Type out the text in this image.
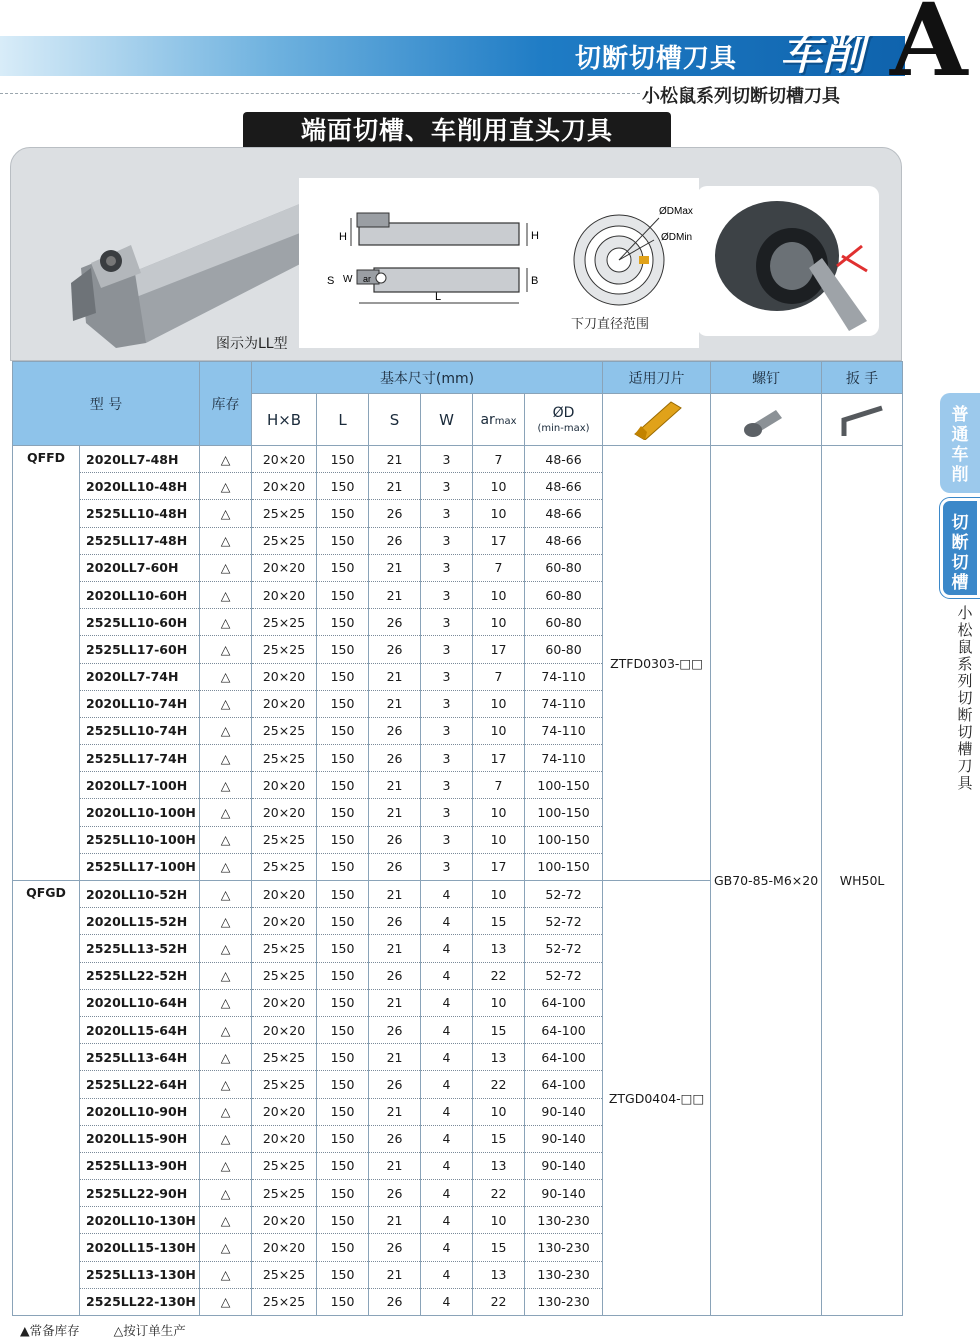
切断切槽刀具 车削 A
小松鼠系列切断切槽刀具
端面切槽、车削用直头刀具
图示为LL型
H	H
S W ar	B
L
ØDMax
ØDMin
下刀直径范围
型 号		库存	基本尺寸(mm)						适用刀片	螺钉	扳 手
			H×B	L	S	W	armax	ØD
(min-max)

QFFD	2020LL7-48H	△	20×20	150	21	3	7	48-66	ZTFD0303-□□	GB70-85-M6×20	WH50L
	2020LL10-48H	△	20×20	150	21	3	10	48-66			
	2525LL10-48H	△	25×25	150	26	3	10	48-66			
	2525LL17-48H	△	25×25	150	26	3	17	48-66			
	2020LL7-60H	△	20×20	150	21	3	7	60-80			
	2020LL10-60H	△	20×20	150	21	3	10	60-80			
	2525LL10-60H	△	25×25	150	26	3	10	60-80			
	2525LL17-60H	△	25×25	150	26	3	17	60-80			
	2020LL7-74H	△	20×20	150	21	3	7	74-110			
	2020LL10-74H	△	20×20	150	21	3	10	74-110			
	2525LL10-74H	△	25×25	150	26	3	10	74-110			
	2525LL17-74H	△	25×25	150	26	3	17	74-110			
	2020LL7-100H	△	20×20	150	21	3	7	100-150			
	2020LL10-100H	△	20×20	150	21	3	10	100-150			
	2525LL10-100H	△	25×25	150	26	3	10	100-150			
	2525LL17-100H	△	25×25	150	26	3	17	100-150			
QFGD	2020LL10-52H	△	20×20	150	21	4	10	52-72	ZTGD0404-□□		
	2020LL15-52H	△	20×20	150	26	4	15	52-72			
	2525LL13-52H	△	25×25	150	21	4	13	52-72			
	2525LL22-52H	△	25×25	150	26	4	22	52-72			
	2020LL10-64H	△	20×20	150	21	4	10	64-100			
	2020LL15-64H	△	20×20	150	26	4	15	64-100			
	2525LL13-64H	△	25×25	150	21	4	13	64-100			
	2525LL22-64H	△	25×25	150	26	4	22	64-100			
	2020LL10-90H	△	20×20	150	21	4	10	90-140			
	2020LL15-90H	△	20×20	150	26	4	15	90-140			
	2525LL13-90H	△	25×25	150	21	4	13	90-140			
	2525LL22-90H	△	25×25	150	26	4	22	90-140			
	2020LL10-130H	△	20×20	150	21	4	10	130-230			
	2020LL15-130H	△	20×20	150	26	4	15	130-230			
	2525LL13-130H	△	25×25	150	21	4	13	130-230			
	2525LL22-130H	△	25×25	150	26	4	22	130-230			
普通车削
切断切槽
小松鼠系列切断切槽刀具
▲常备库存	△按订单生产
